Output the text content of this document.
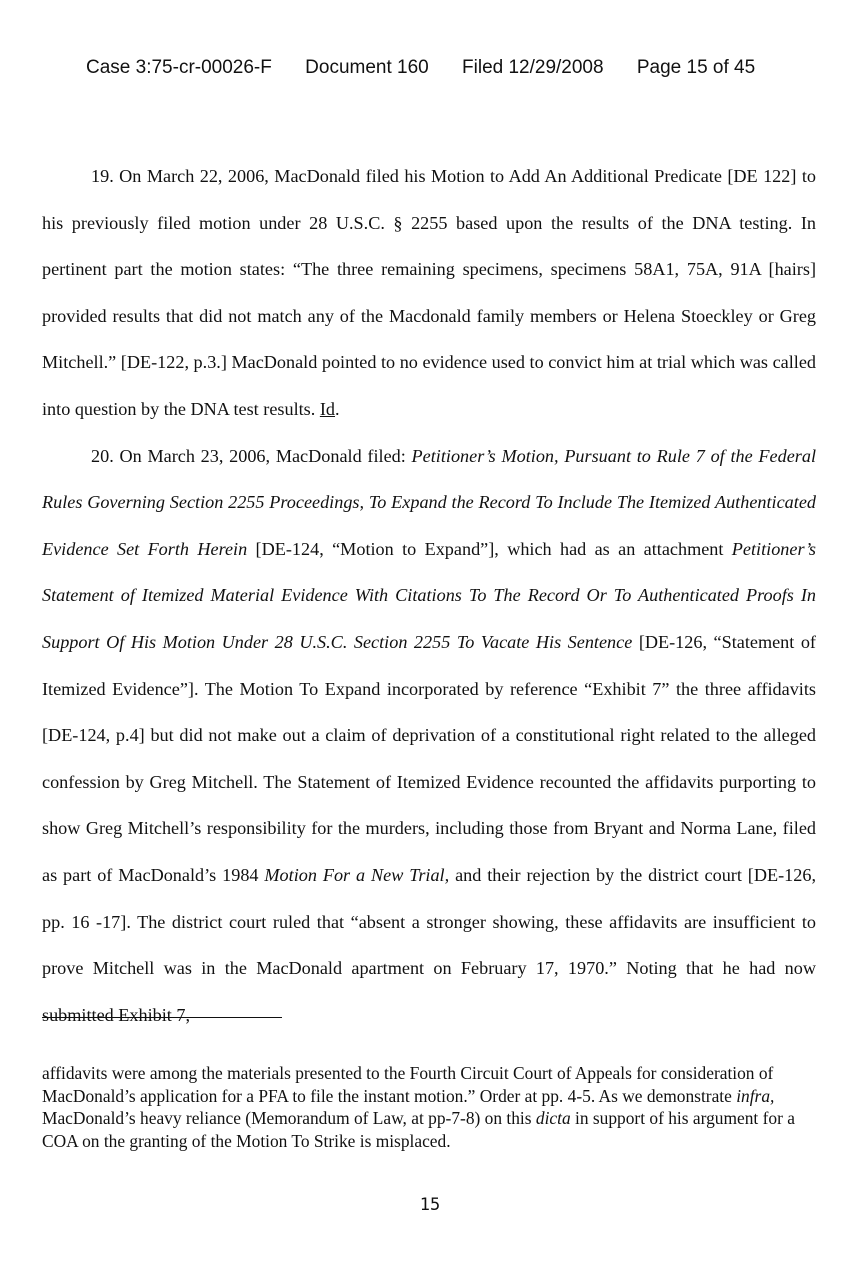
Case 3:75-cr-00026-F Document 160 Filed 12/29/2008 Page 15 of 45

19. On March 22, 2006, MacDonald filed his Motion to Add An Additional Predicate [DE 122] to his previously filed motion under 28 U.S.C. § 2255 based upon the results of the DNA testing. In pertinent part the motion states: “The three remaining specimens, specimens 58A1, 75A, 91A [hairs] provided results that did not match any of the Macdonald family members or Helena Stoeckley or Greg Mitchell.” [DE-122, p.3.] MacDonald pointed to no evidence used to convict him at trial which was called into question by the DNA test results. Id.

20. On March 23, 2006, MacDonald filed: Petitioner’s Motion, Pursuant to Rule 7 of the Federal Rules Governing Section 2255 Proceedings, To Expand the Record To Include The Itemized Authenticated Evidence Set Forth Herein [DE-124, “Motion to Expand”], which had as an attachment Petitioner’s Statement of Itemized Material Evidence With Citations To The Record Or To Authenticated Proofs In Support Of His Motion Under 28 U.S.C. Section 2255 To Vacate His Sentence [DE-126, “Statement of Itemized Evidence”]. The Motion To Expand incorporated by reference “Exhibit 7” the three affidavits [DE-124, p.4] but did not make out a claim of deprivation of a constitutional right related to the alleged confession by Greg Mitchell. The Statement of Itemized Evidence recounted the affidavits purporting to show Greg Mitchell’s responsibility for the murders, including those from Bryant and Norma Lane, filed as part of MacDonald’s 1984 Motion For a New Trial, and their rejection by the district court [DE-126, pp. 16 -17]. The district court ruled that “absent a stronger showing, these affidavits are insufficient to prove Mitchell was in the MacDonald apartment on February 17, 1970.” Noting that he had now submitted Exhibit 7,

affidavits were among the materials presented to the Fourth Circuit Court of Appeals for consideration of MacDonald’s application for a PFA to file the instant motion.” Order at pp. 4-5. As we demonstrate infra, MacDonald’s heavy reliance (Memorandum of Law, at pp-7-8) on this dicta in support of his argument for a COA on the granting of the Motion To Strike is misplaced.

15
